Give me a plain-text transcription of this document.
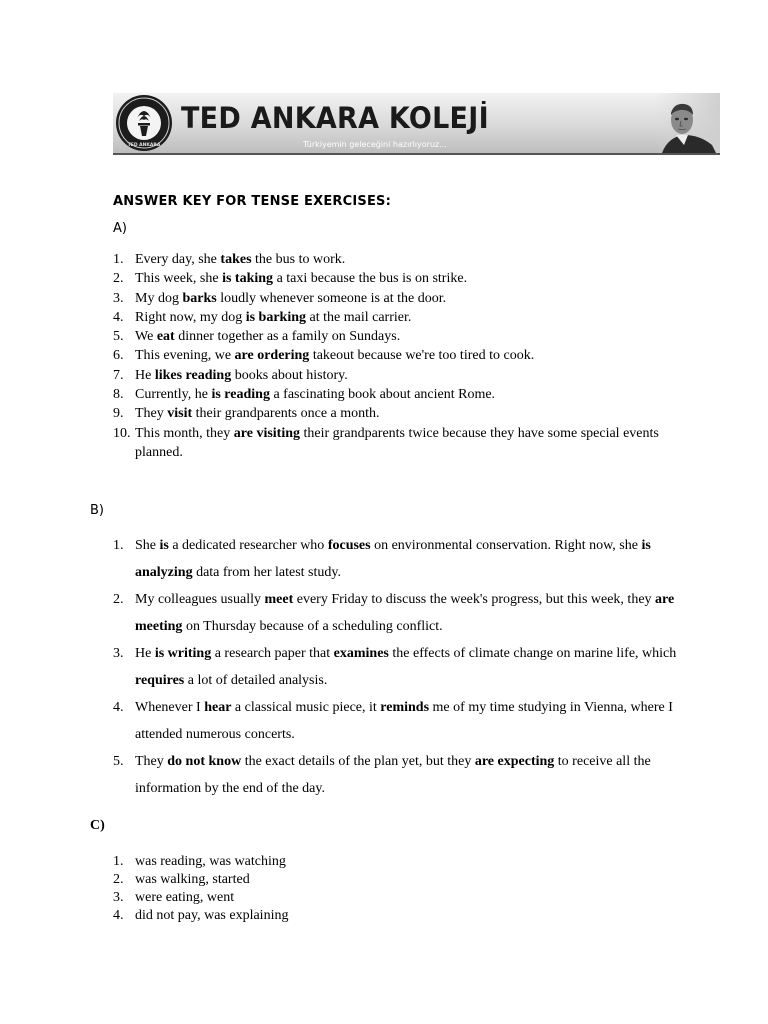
TED ANKARA
TED ANKARA KOLEJİ
Türkiyemin geleceğini hazırlıyoruz...
ANSWER KEY FOR TENSE EXERCISES:
A)
1. Every day, she takes the bus to work.
2. This week, she is taking a taxi because the bus is on strike.
3. My dog barks loudly whenever someone is at the door.
4. Right now, my dog is barking at the mail carrier.
5. We eat dinner together as a family on Sundays.
6. This evening, we are ordering takeout because we're too tired to cook.
7. He likes reading books about history.
8. Currently, he is reading a fascinating book about ancient Rome.
9. They visit their grandparents once a month.
10. This month, they are visiting their grandparents twice because they have some special events planned.
B)
1. She is a dedicated researcher who focuses on environmental conservation. Right now, she is analyzing data from her latest study.
2. My colleagues usually meet every Friday to discuss the week's progress, but this week, they are meeting on Thursday because of a scheduling conflict.
3. He is writing a research paper that examines the effects of climate change on marine life, which requires a lot of detailed analysis.
4. Whenever I hear a classical music piece, it reminds me of my time studying in Vienna, where I attended numerous concerts.
5. They do not know the exact details of the plan yet, but they are expecting to receive all the information by the end of the day.
C)
1. was reading, was watching
2. was walking, started
3. were eating, went
4. did not pay, was explaining
